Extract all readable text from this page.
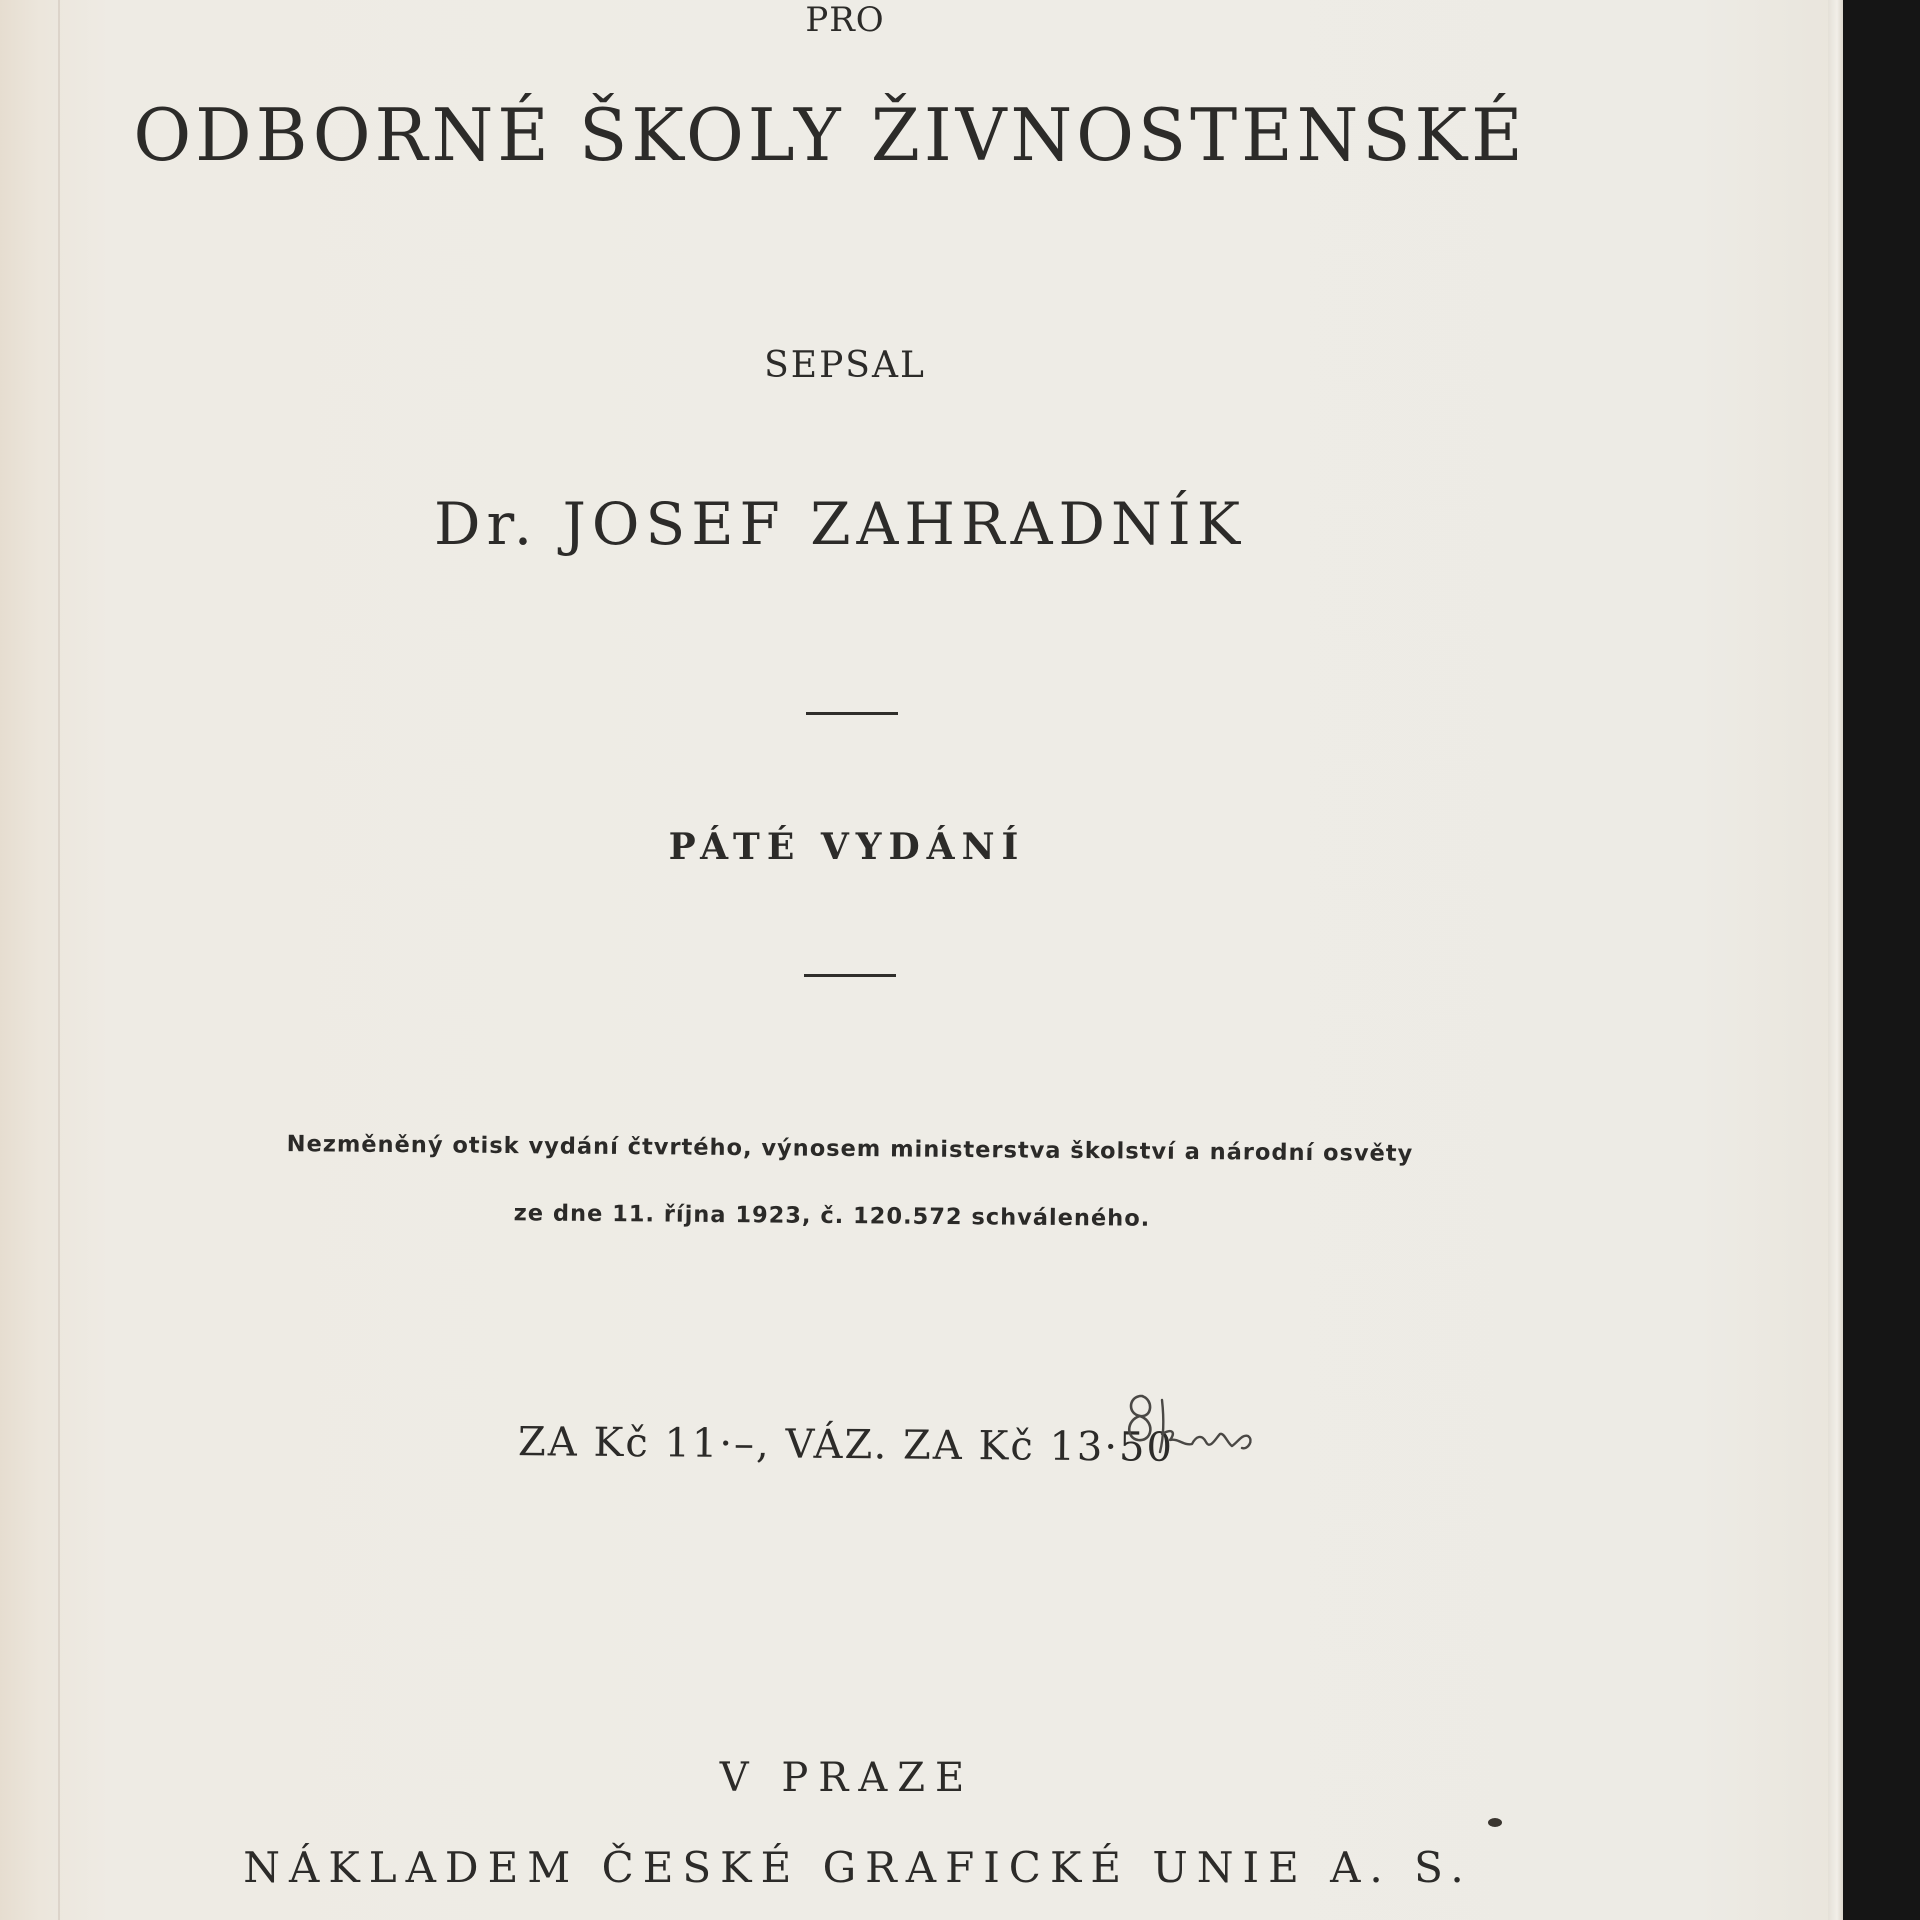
PRO
ODBORNÉ ŠKOLY ŽIVNOSTENSKÉ
SEPSAL
Dr. JOSEF ZAHRADNÍK
PÁTÉ VYDÁNÍ
Nezměněný otisk vydání čtvrtého, výnosem ministerstva školství a národní osvěty
ze dne 11. října 1923, č. 120.572 schváleného.
ZA Kč 11·–, VÁZ. ZA Kč 13·50
V PRAZE
NÁKLADEM ČESKÉ GRAFICKÉ UNIE A. S.
